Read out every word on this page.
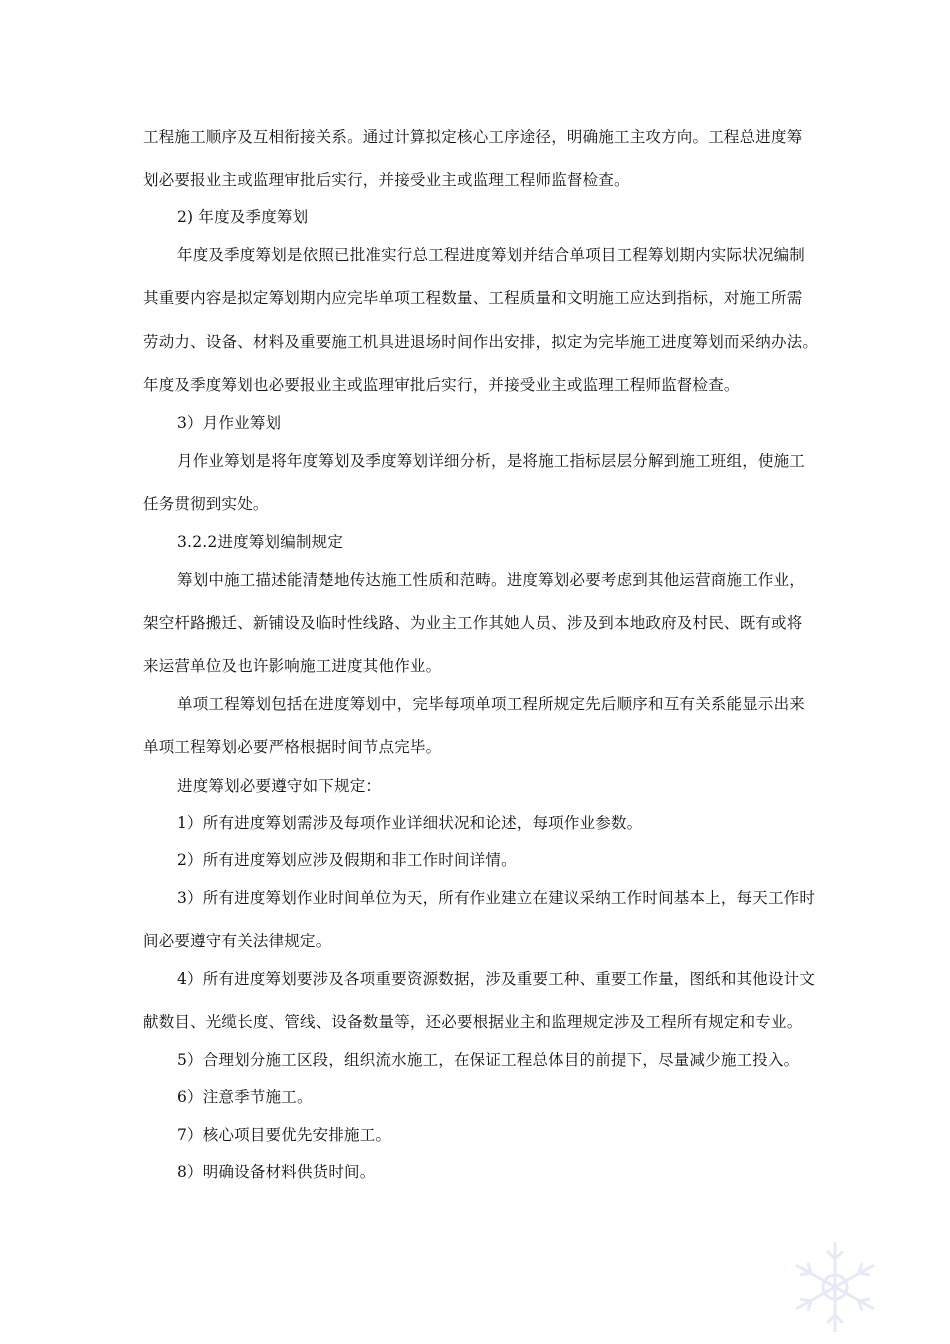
工程施工顺序及互相衔接关系。通过计算拟定核心工序途径，明确施工主攻方向。工程总进度筹
划必要报业主或监理审批后实行，并接受业主或监理工程师监督检查。
2) 年度及季度筹划
年度及季度筹划是依照已批准实行总工程进度筹划并结合单项目工程筹划期内实际状况编制
其重要内容是拟定筹划期内应完毕单项工程数量、工程质量和文明施工应达到指标，对施工所需
劳动力、设备、材料及重要施工机具进退场时间作出安排，拟定为完毕施工进度筹划而采纳办法。
年度及季度筹划也必要报业主或监理审批后实行，并接受业主或监理工程师监督检查。
3）月作业筹划
月作业筹划是将年度筹划及季度筹划详细分析，是将施工指标层层分解到施工班组，使施工
任务贯彻到实处。
3.2.2进度筹划编制规定
筹划中施工描述能清楚地传达施工性质和范畴。进度筹划必要考虑到其他运营商施工作业，
架空杆路搬迁、新铺设及临时性线路、为业主工作其她人员、涉及到本地政府及村民、既有或将
来运营单位及也许影响施工进度其他作业。
单项工程筹划包括在进度筹划中，完毕每项单项工程所规定先后顺序和互有关系能显示出来
单项工程筹划必要严格根据时间节点完毕。
进度筹划必要遵守如下规定：
1）所有进度筹划需涉及每项作业详细状况和论述，每项作业参数。
2）所有进度筹划应涉及假期和非工作时间详情。
3）所有进度筹划作业时间单位为天，所有作业建立在建议采纳工作时间基本上，每天工作时
间必要遵守有关法律规定。
4）所有进度筹划要涉及各项重要资源数据，涉及重要工种、重要工作量，图纸和其他设计文
献数目、光缆长度、管线、设备数量等，还必要根据业主和监理规定涉及工程所有规定和专业。
5）合理划分施工区段，组织流水施工，在保证工程总体目的前提下，尽量减少施工投入。
6）注意季节施工。
7）核心项目要优先安排施工。
8）明确设备材料供货时间。
